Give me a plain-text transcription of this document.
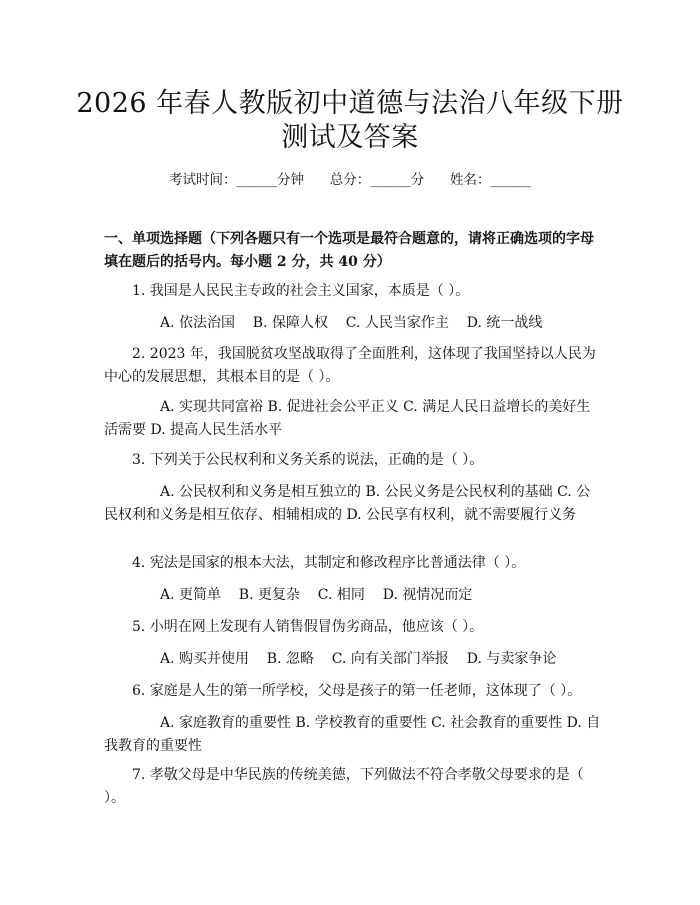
2026 年春人教版初中道德与法治八年级下册
测试及答案
考试时间：______分钟      总分：______分      姓名：______
一、单项选择题（下列各题只有一个选项是最符合题意的，请将正确选项的字母填在题后的括号内。每小题 2 分，共 40 分）
1. 我国是人民民主专政的社会主义国家，本质是（ ）。
A. 依法治国    B. 保障人权    C. 人民当家作主    D. 统一战线
2. 2023 年，我国脱贫攻坚战取得了全面胜利，这体现了我国坚持以人民为中心的发展思想，其根本目的是（ ）。
A. 实现共同富裕 B. 促进社会公平正义 C. 满足人民日益增长的美好生活需要 D. 提高人民生活水平
3. 下列关于公民权利和义务关系的说法，正确的是（ ）。
A. 公民权利和义务是相互独立的 B. 公民义务是公民权利的基础 C. 公民权利和义务是相互依存、相辅相成的 D. 公民享有权利，就不需要履行义务
4. 宪法是国家的根本大法，其制定和修改程序比普通法律（ ）。
A. 更简单    B. 更复杂    C. 相同    D. 视情况而定
5. 小明在网上发现有人销售假冒伪劣商品，他应该（ ）。
A. 购买并使用    B. 忽略    C. 向有关部门举报    D. 与卖家争论
6. 家庭是人生的第一所学校，父母是孩子的第一任老师，这体现了（ ）。
A. 家庭教育的重要性 B. 学校教育的重要性 C. 社会教育的重要性 D. 自我教育的重要性
7. 孝敬父母是中华民族的传统美德，下列做法不符合孝敬父母要求的是（ ）。
